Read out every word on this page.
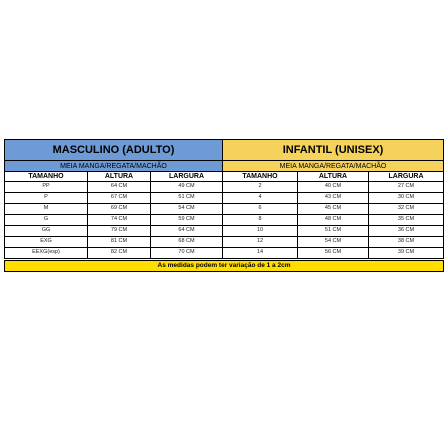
MASCULINO (ADULTO)			INFANTIL (UNISEX)		
MEIA MANGA/REGATA/MACHÃO			MEIA MANGA/REGATA/MACHÃO		
TAMANHO	ALTURA	LARGURA	TAMANHO	ALTURA	LARGURA
PP	64 CM	49 CM	2	40 CM	27 CM
P	67 CM	51 CM	4	43 CM	30 CM
M	69 CM	54 CM	6	45 CM	32 CM
G	74 CM	59 CM	8	48 CM	35 CM
GG	79 CM	64 CM	10	51 CM	36 CM
EXG	81 CM	68 CM	12	54 CM	38 CM
EEXG(esp)	82 CM	70 CM	14	56 CM	39 CM

As medidas podem ter variação de 1 a 2cm					
